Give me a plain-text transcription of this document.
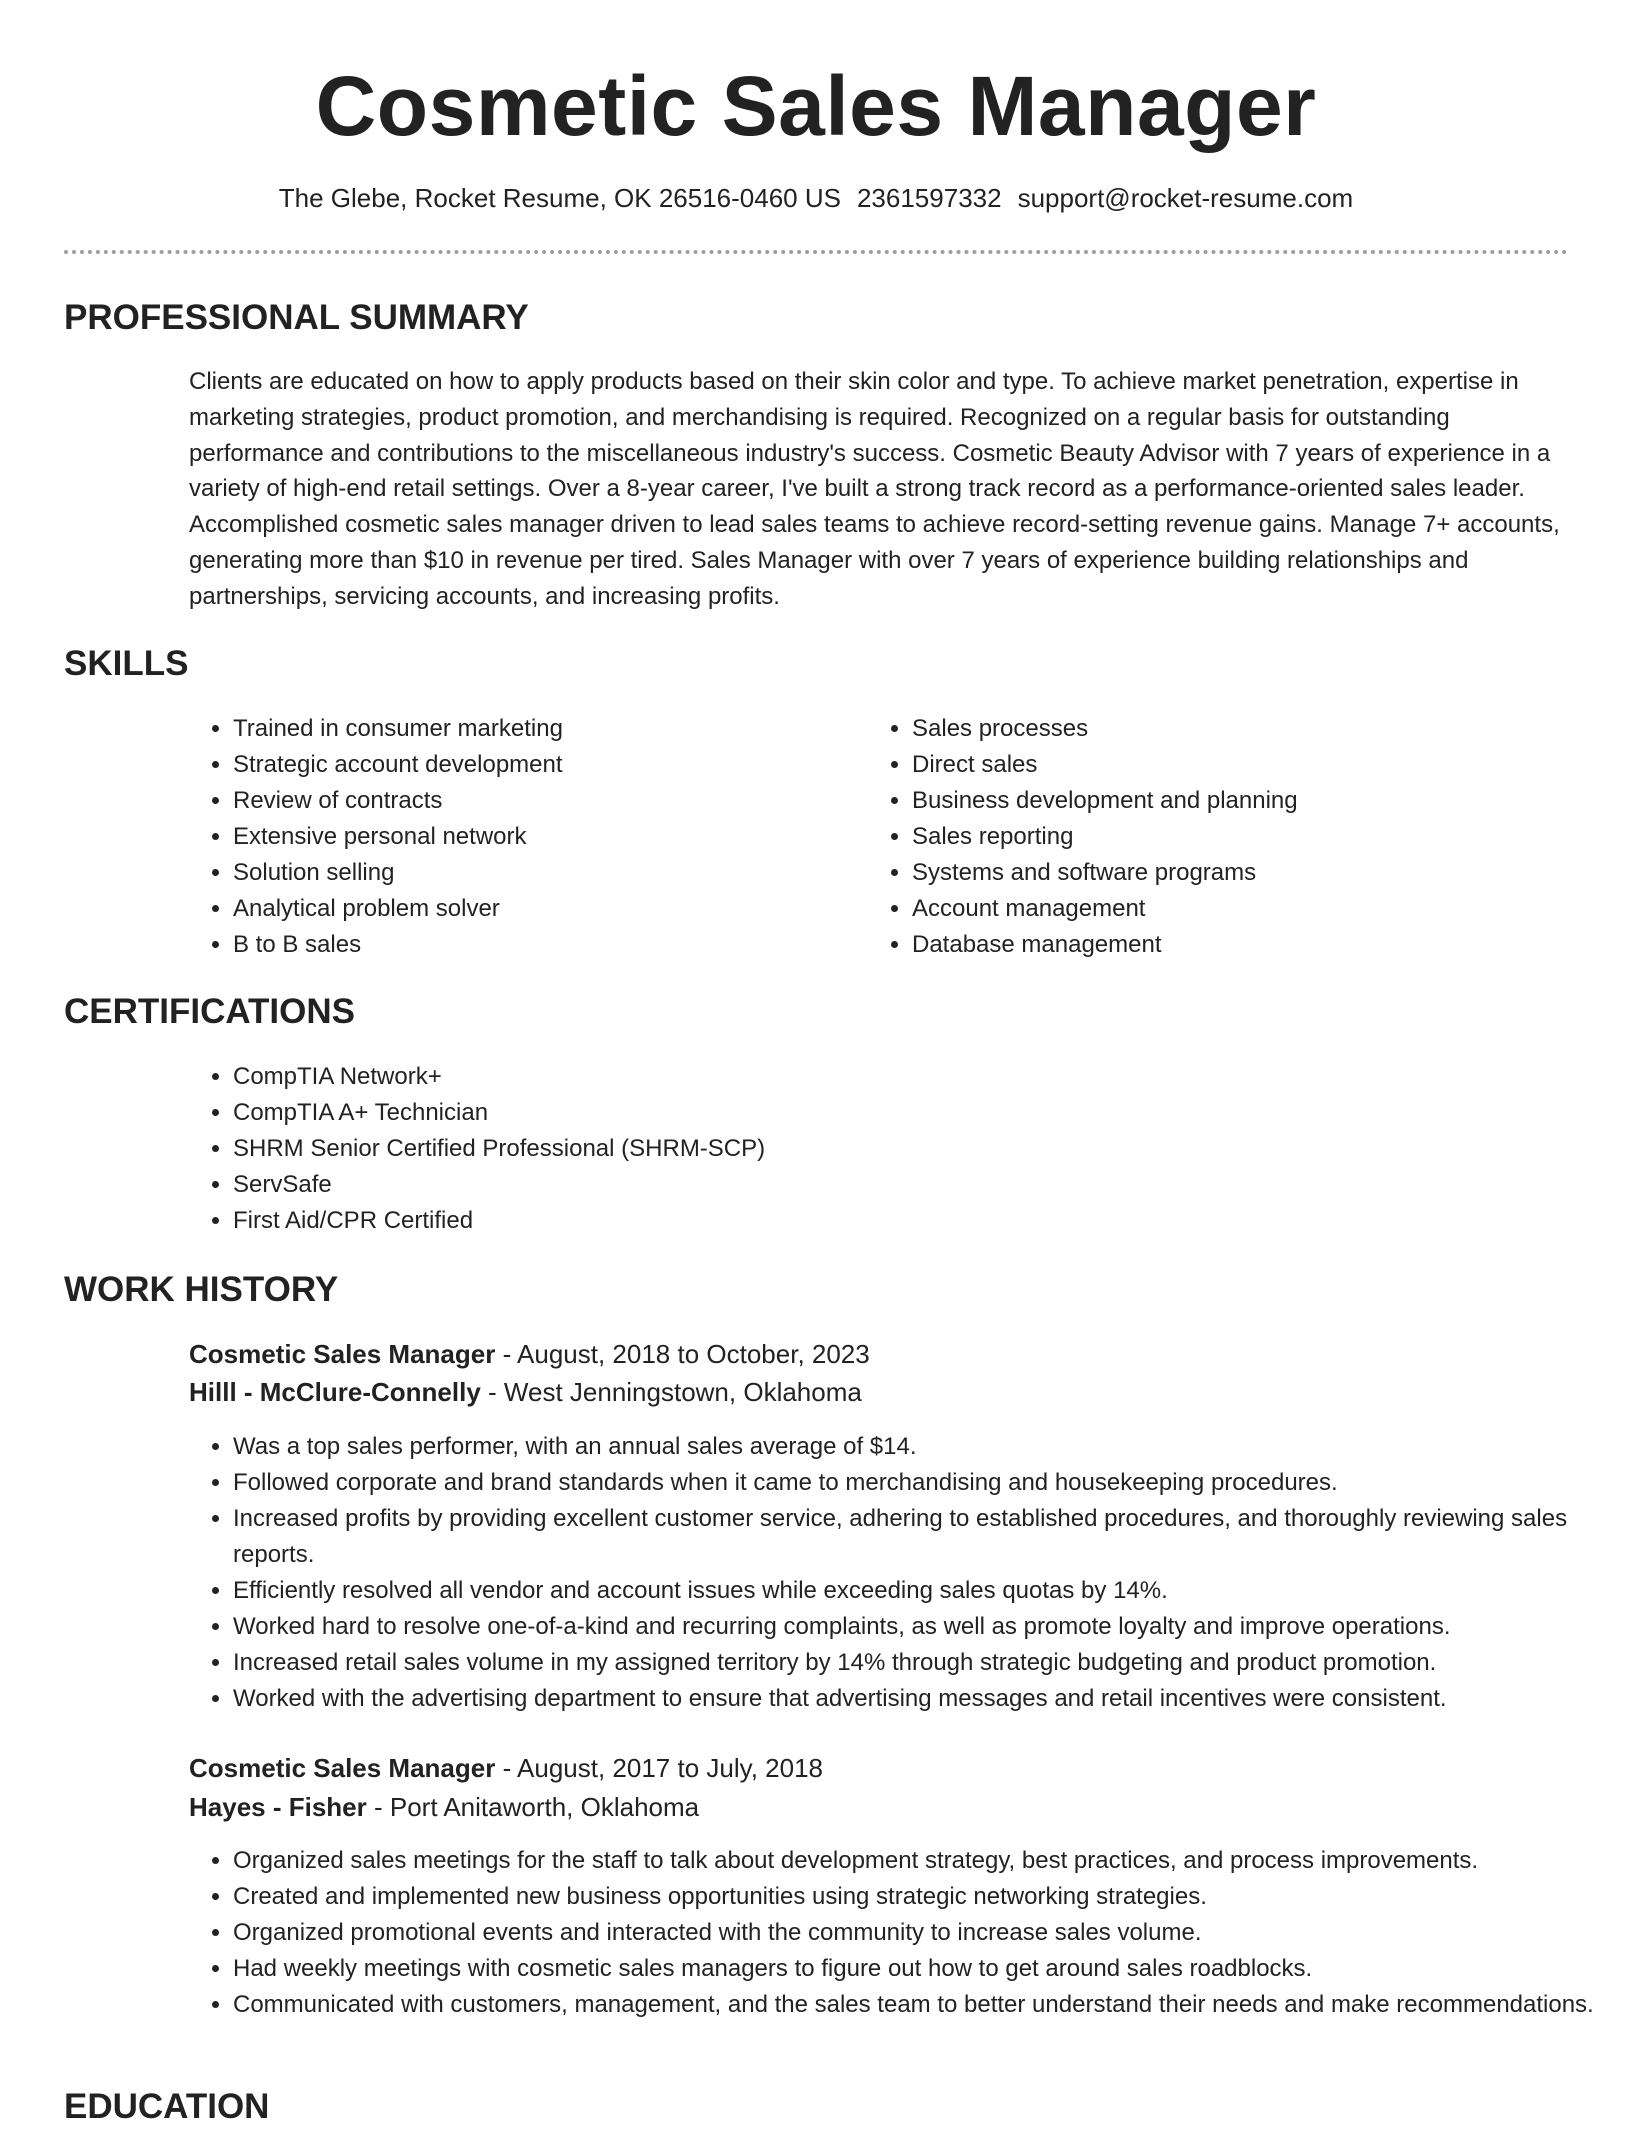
Cosmetic Sales Manager
The Glebe, Rocket Resume, OK 26516-0460 US 2361597332 support@rocket-resume.com
PROFESSIONAL SUMMARY

Clients are educated on how to apply products based on their skin color and type. To achieve market penetration, expertise in marketing strategies, product promotion, and merchandising is required. Recognized on a regular basis for outstanding performance and contributions to the miscellaneous industry's success. Cosmetic Beauty Advisor with 7 years of experience in a variety of high-end retail settings. Over a 8-year career, I've built a strong track record as a performance-oriented sales leader. Accomplished cosmetic sales manager driven to lead sales teams to achieve record-setting revenue gains. Manage 7+ accounts, generating more than $10 in revenue per tired. Sales Manager with over 7 years of experience building relationships and partnerships, servicing accounts, and increasing profits.

SKILLS
• Trained in consumer marketing
• Strategic account development
• Review of contracts
• Extensive personal network
• Solution selling
• Analytical problem solver
• B to B sales
• Sales processes
• Direct sales
• Business development and planning
• Sales reporting
• Systems and software programs
• Account management
• Database management
CERTIFICATIONS
• CompTIA Network+
• CompTIA A+ Technician
• SHRM Senior Certified Professional (SHRM-SCP)
• ServSafe
• First Aid/CPR Certified
WORK HISTORY
Cosmetic Sales Manager - August, 2018 to October, 2023
Hilll - McClure-Connelly - West Jenningstown, Oklahoma
• Was a top sales performer, with an annual sales average of $14.
• Followed corporate and brand standards when it came to merchandising and housekeeping procedures.
• Increased profits by providing excellent customer service, adhering to established procedures, and thoroughly reviewing sales reports.
• Efficiently resolved all vendor and account issues while exceeding sales quotas by 14%.
• Worked hard to resolve one-of-a-kind and recurring complaints, as well as promote loyalty and improve operations.
• Increased retail sales volume in my assigned territory by 14% through strategic budgeting and product promotion.
• Worked with the advertising department to ensure that advertising messages and retail incentives were consistent.
Cosmetic Sales Manager - August, 2017 to July, 2018
Hayes - Fisher - Port Anitaworth, Oklahoma
• Organized sales meetings for the staff to talk about development strategy, best practices, and process improvements.
• Created and implemented new business opportunities using strategic networking strategies.
• Organized promotional events and interacted with the community to increase sales volume.
• Had weekly meetings with cosmetic sales managers to figure out how to get around sales roadblocks.
• Communicated with customers, management, and the sales team to better understand their needs and make recommendations.
EDUCATION
